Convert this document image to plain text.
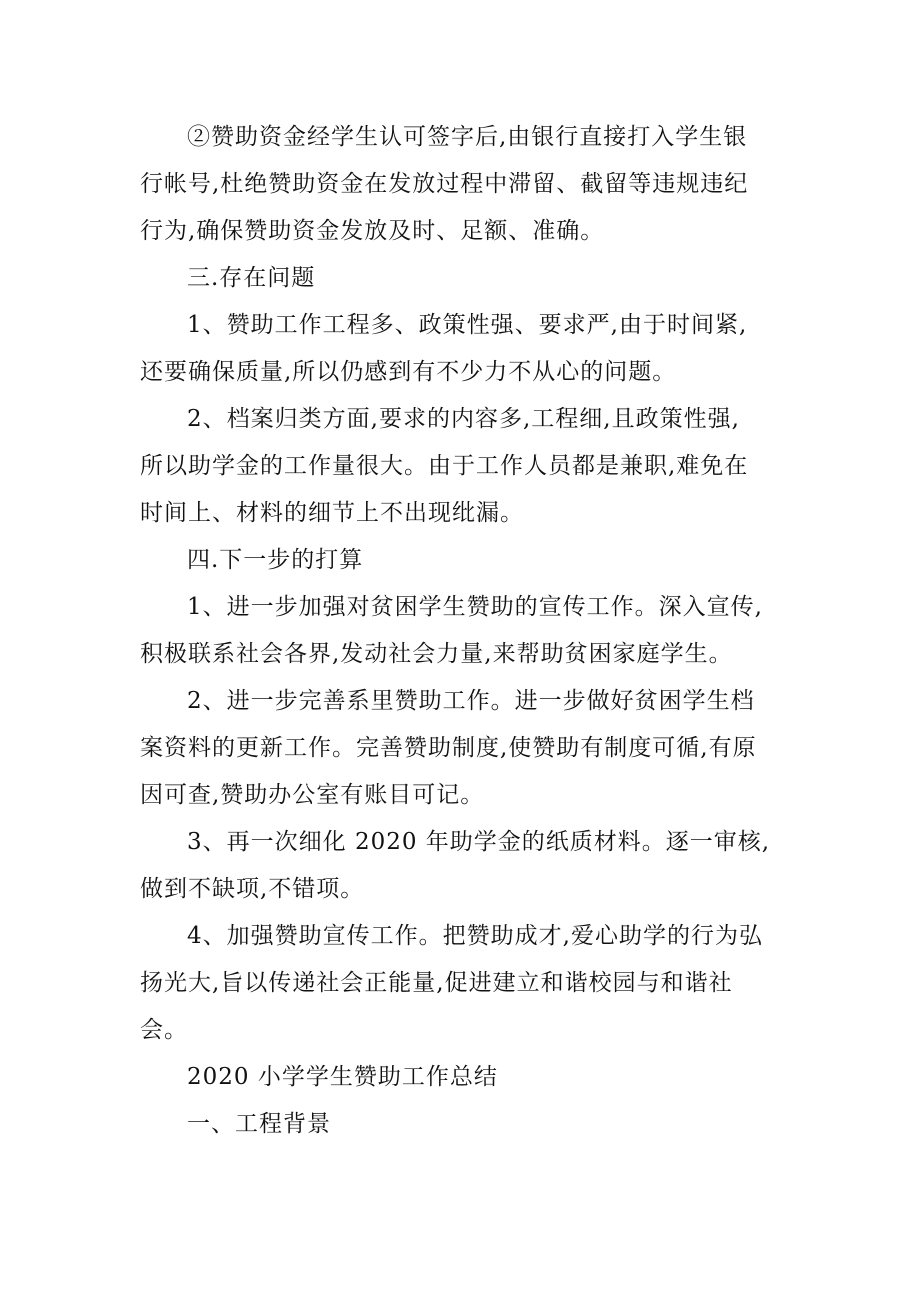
②赞助资金经学生认可签字后,由银行直接打入学生银
行帐号,杜绝赞助资金在发放过程中滞留、截留等违规违纪
行为,确保赞助资金发放及时、足额、准确。

三.存在问题

1、赞助工作工程多、政策性强、要求严,由于时间紧,
还要确保质量,所以仍感到有不少力不从心的问题。

2、档案归类方面,要求的内容多,工程细,且政策性强,
所以助学金的工作量很大。由于工作人员都是兼职,难免在
时间上、材料的细节上不出现纰漏。

四.下一步的打算

1、进一步加强对贫困学生赞助的宣传工作。深入宣传,
积极联系社会各界,发动社会力量,来帮助贫困家庭学生。

2、进一步完善系里赞助工作。进一步做好贫困学生档
案资料的更新工作。完善赞助制度,使赞助有制度可循,有原
因可查,赞助办公室有账目可记。

3、再一次细化 2020 年助学金的纸质材料。逐一审核,
做到不缺项,不错项。

4、加强赞助宣传工作。把赞助成才,爱心助学的行为弘
扬光大,旨以传递社会正能量,促进建立和谐校园与和谐社
会。

2020 小学学生赞助工作总结

一、工程背景
